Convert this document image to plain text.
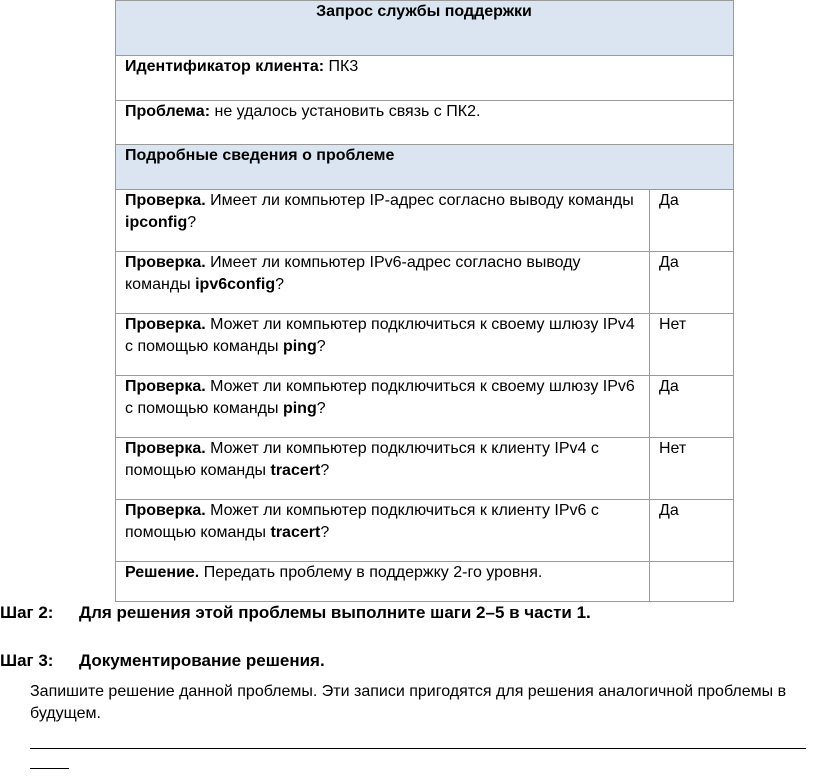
Запрос службы поддержки	
Идентификатор клиента: ПК3	
Проблема: не удалось установить связь с ПК2.	
Подробные сведения о проблеме	
Проверка. Имеет ли компьютер IP-адрес согласно выводу команды ipconfig?	Да
Проверка. Имеет ли компьютер IPv6-адрес согласно выводу команды ipv6config?	Да
Проверка. Может ли компьютер подключиться к своему шлюзу IPv4 с помощью команды ping?	Нет
Проверка. Может ли компьютер подключиться к своему шлюзу IPv6 с помощью команды ping?	Да
Проверка. Может ли компьютер подключиться к клиенту IPv4 с помощью команды tracert?	Нет
Проверка. Может ли компьютер подключиться к клиенту IPv6 с помощью команды tracert?	Да
Решение. Передать проблему в поддержку 2-го уровня.	
Шаг 2: Для решения этой проблемы выполните шаги 2–5 в части 1.
Шаг 3: Документирование решения.
Запишите решение данной проблемы. Эти записи пригодятся для решения аналогичной проблемы в будущем.
